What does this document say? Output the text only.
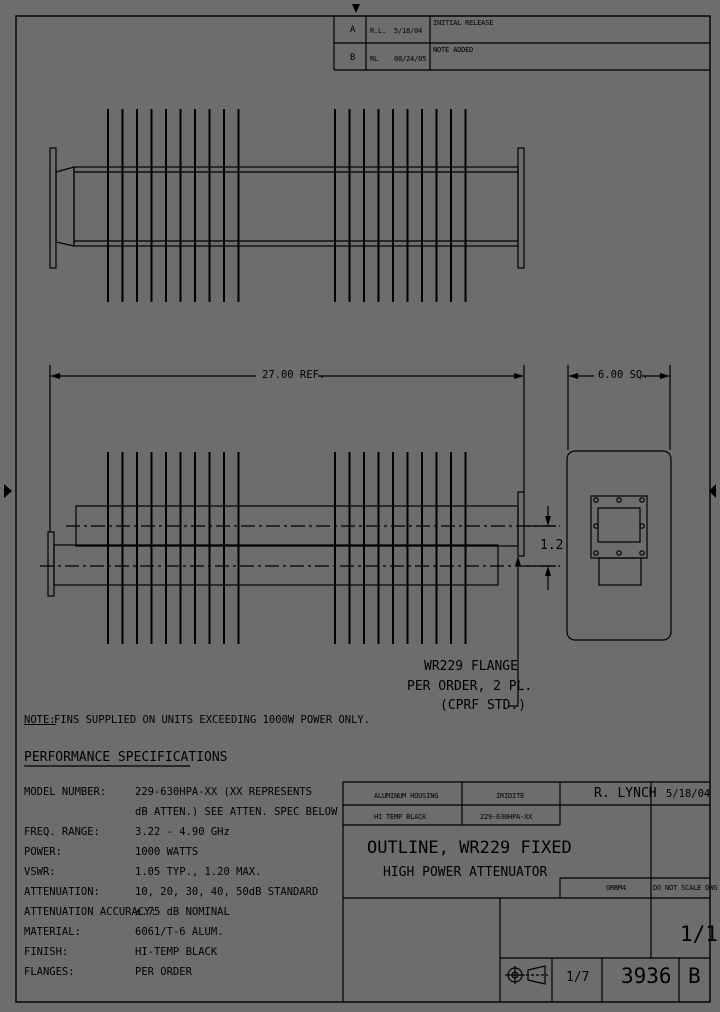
A R.L. 5/18/04
INITIAL RELEASE
B RL 08/24/05
NOTE ADDED
27.00 REF.	6.00 SQ.
1.2
WR229 FLANGE
PER ORDER, 2 PL.
(CPRF STD.)
NOTE:
FINS SUPPLIED ON UNITS EXCEEDING 1000W POWER ONLY.
PERFORMANCE SPECIFICATIONS
MODEL NUMBER:	229-630HPA-XX (XX REPRESENTS
dB ATTEN.) SEE ATTEN. SPEC BELOW
FREQ. RANGE:	3.22 - 4.90 GHz
POWER:	1000 WATTS
VSWR:	1.05 TYP., 1.20 MAX.
ATTENUATION:	10, 20, 30, 40, 50dB STANDARD
ATTENUATION ACCURACY:
±.75 dB NOMINAL
MATERIAL:	6061/T-6 ALUM.
FINISH:	HI-TEMP BLACK
FLANGES:	PER ORDER
ALUMINUM HOUSING	IRIDITE	R. LYNCH 5/18/04
HI TEMP BLACK	229-630HPA-XX
OUTLINE, WR229 FIXED
HIGH POWER ATTENUATOR
ORBM4	DO NOT SCALE DWG
1/1
1/7 3936 B
